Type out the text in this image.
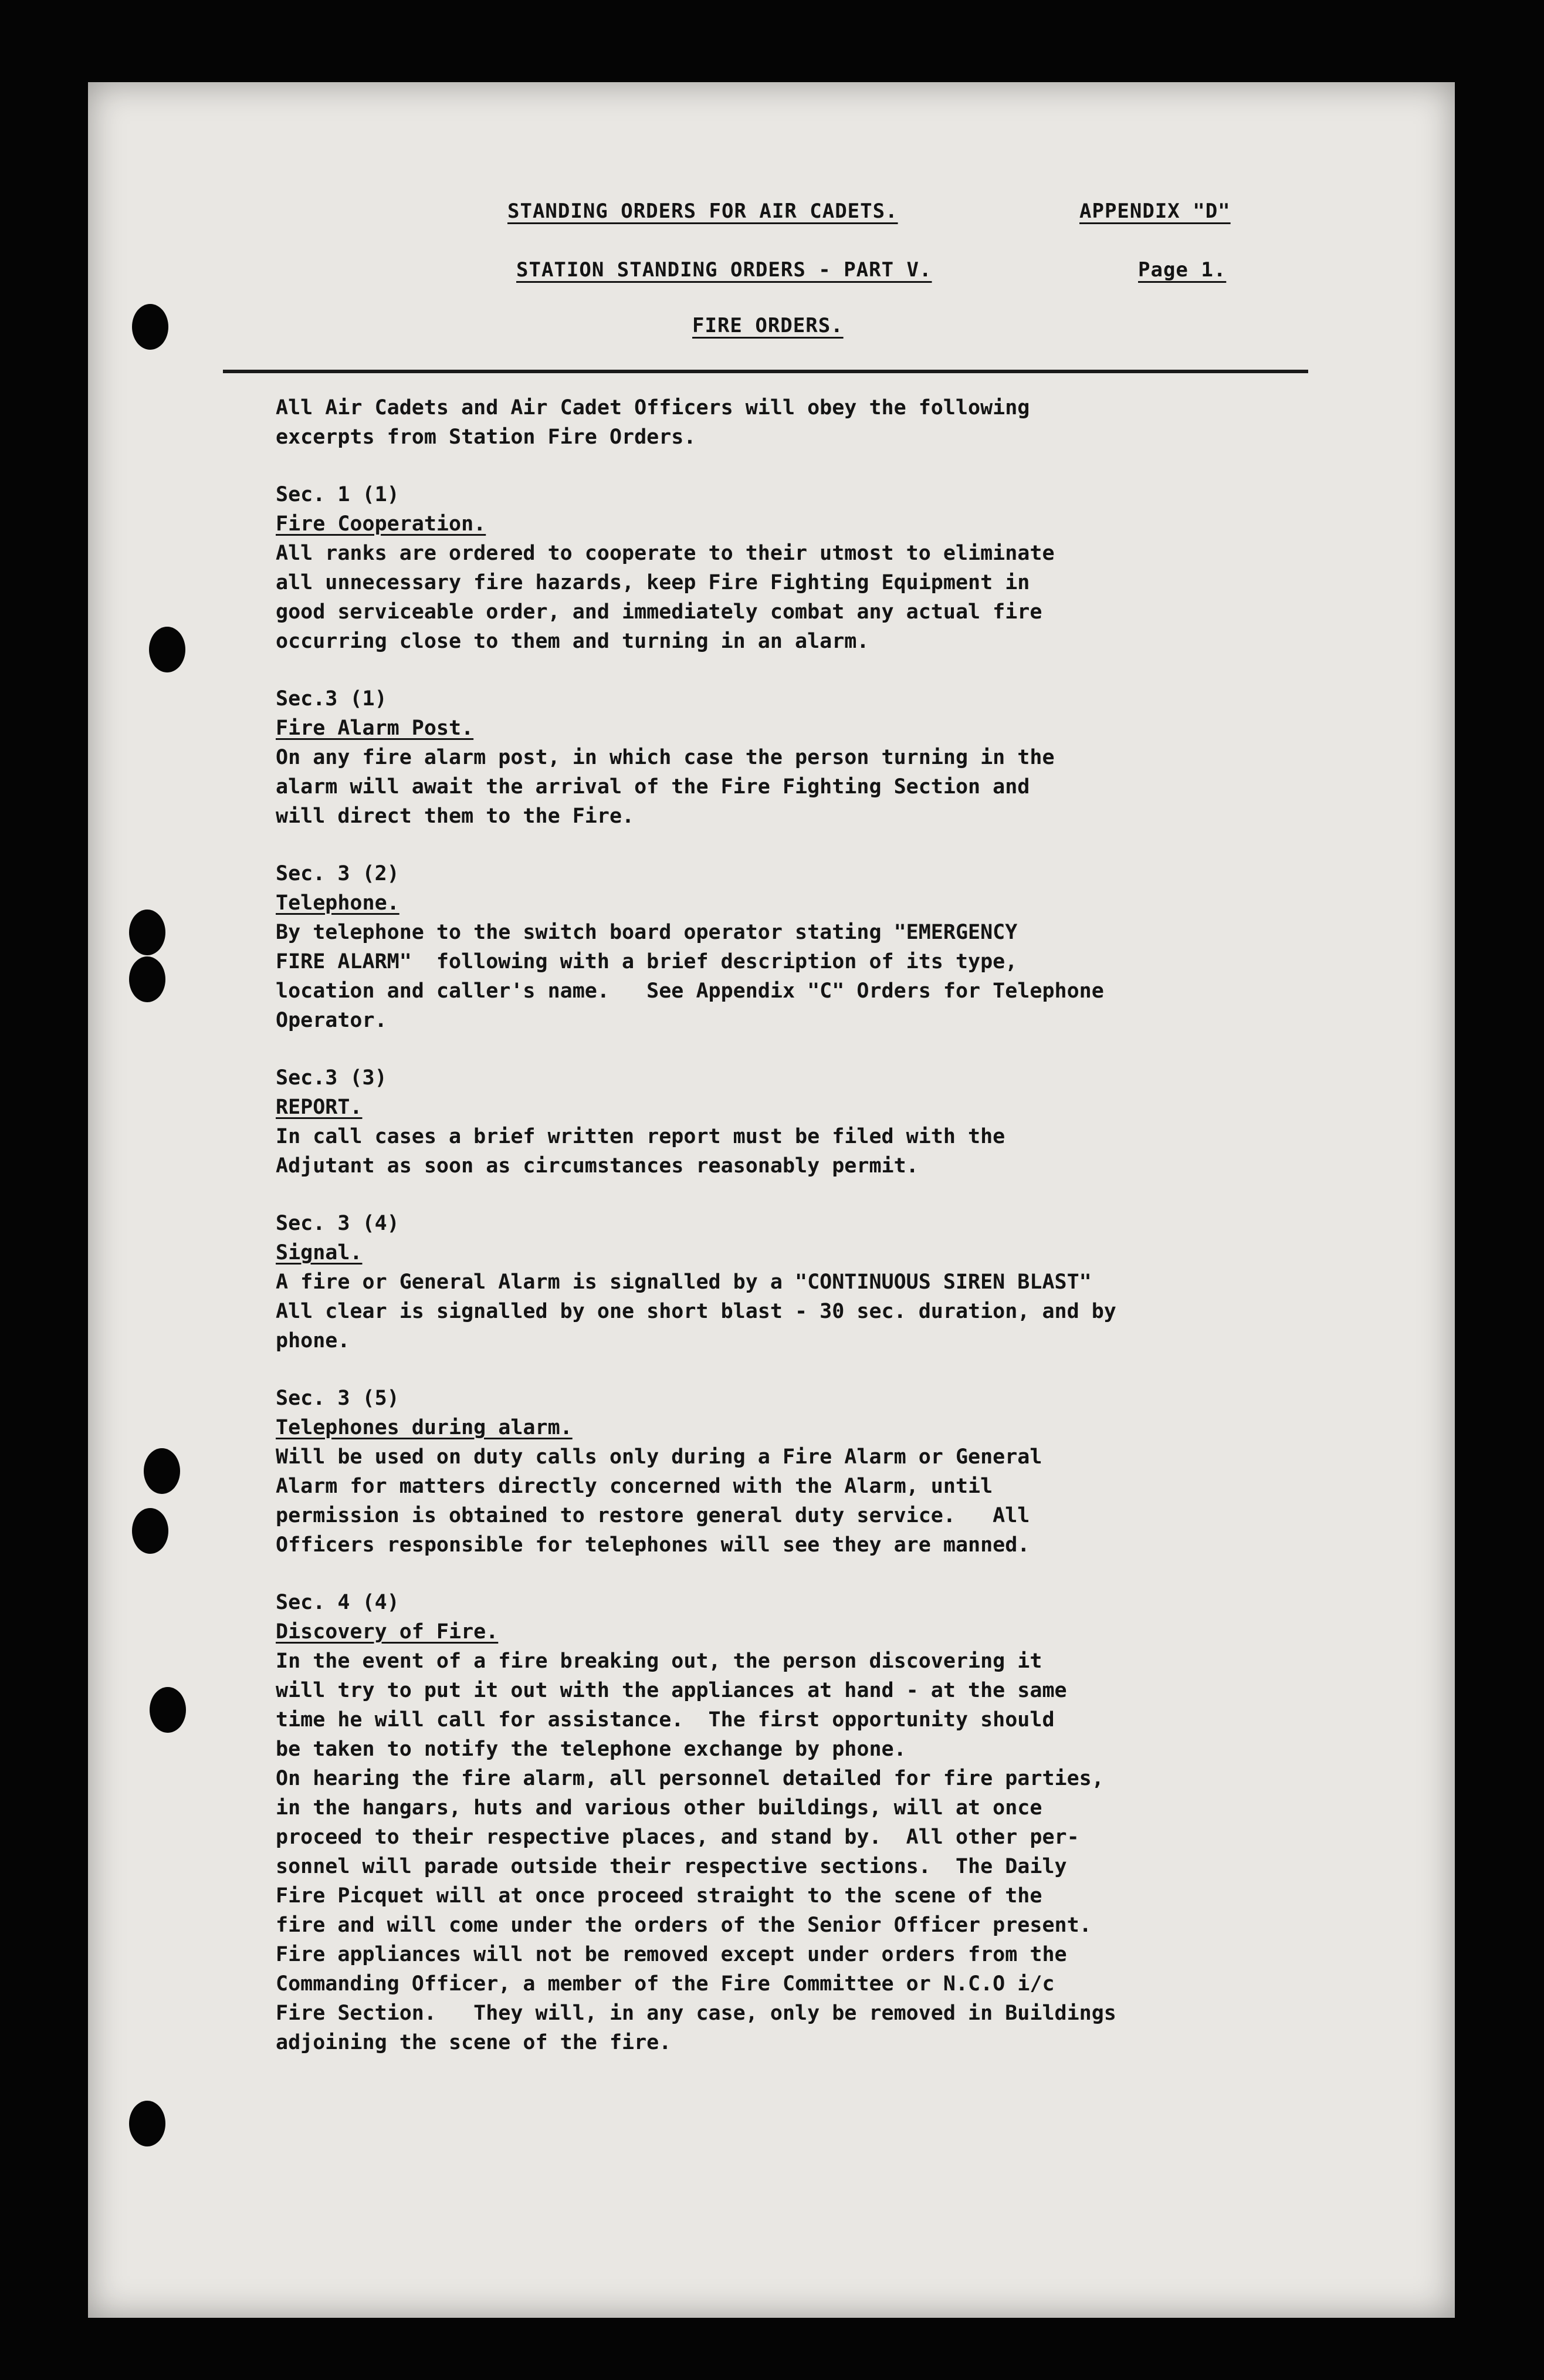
STANDING ORDERS FOR AIR CADETS.	APPENDIX "D"
STATION STANDING ORDERS - PART V.	Page 1.
FIRE ORDERS.

All Air Cadets and Air Cadet Officers will obey the following

excerpts from Station Fire Orders.

Sec. 1 (1)

Fire Cooperation.

All ranks are ordered to cooperate to their utmost to eliminate

all unnecessary fire hazards, keep Fire Fighting Equipment in

good serviceable order, and immediately combat any actual fire

occurring close to them and turning in an alarm.

Sec.3 (1)

Fire Alarm Post.

On any fire alarm post, in which case the person turning in the

alarm will await the arrival of the Fire Fighting Section and

will direct them to the Fire.

Sec. 3 (2)

Telephone.

By telephone to the switch board operator stating "EMERGENCY

FIRE ALARM"  following with a brief description of its type,

location and caller's name.   See Appendix "C" Orders for Telephone

Operator.

Sec.3 (3)

REPORT.

In call cases a brief written report must be filed with the

Adjutant as soon as circumstances reasonably permit.

Sec. 3 (4)

Signal.

A fire or General Alarm is signalled by a "CONTINUOUS SIREN BLAST"

All clear is signalled by one short blast - 30 sec. duration, and by

phone.

Sec. 3 (5)

Telephones during alarm.

Will be used on duty calls only during a Fire Alarm or General

Alarm for matters directly concerned with the Alarm, until

permission is obtained to restore general duty service.   All

Officers responsible for telephones will see they are manned.

Sec. 4 (4)

Discovery of Fire.

In the event of a fire breaking out, the person discovering it

will try to put it out with the appliances at hand - at the same

time he will call for assistance.  The first opportunity should

be taken to notify the telephone exchange by phone.

On hearing the fire alarm, all personnel detailed for fire parties,

in the hangars, huts and various other buildings, will at once

proceed to their respective places, and stand by.  All other per-

sonnel will parade outside their respective sections.  The Daily

Fire Picquet will at once proceed straight to the scene of the

fire and will come under the orders of the Senior Officer present.

Fire appliances will not be removed except under orders from the

Commanding Officer, a member of the Fire Committee or N.C.O i/c

Fire Section.   They will, in any case, only be removed in Buildings

adjoining the scene of the fire.
